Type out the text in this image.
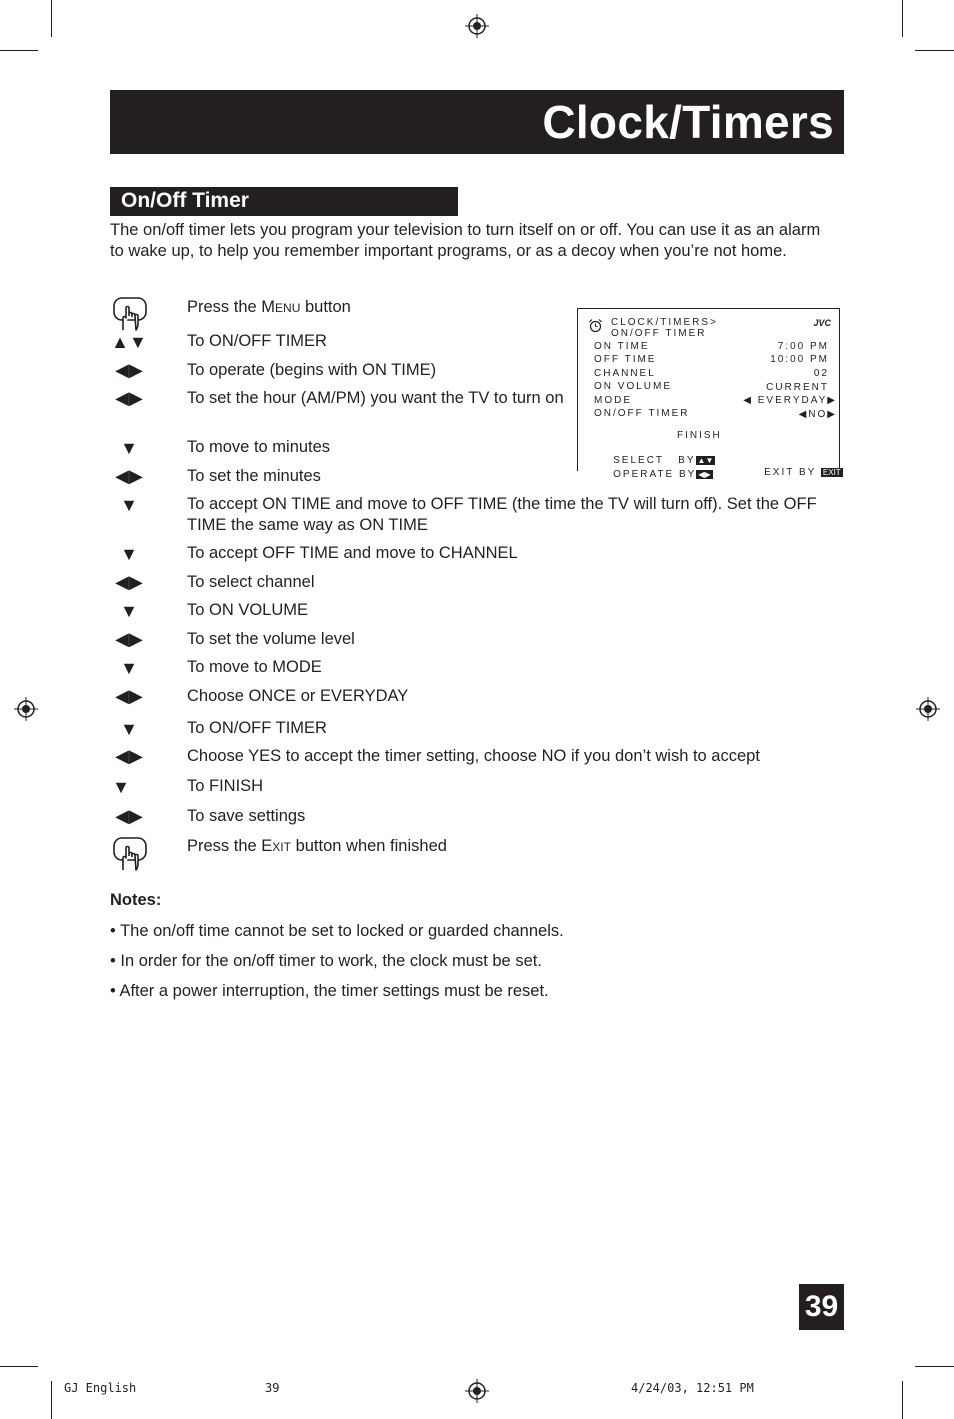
Clock/Timers
On/Off Timer
The on/off timer lets you program your television to turn itself on or off. You can use it as an alarm to wake up, to help you remember important programs, or as a decoy when you’re not home.
Press the Menu button
▲▼ To ON/OFF TIMER
◀▶	To operate (begins with ON TIME)
◀▶	To set the hour (AM/PM) you want the TV to turn on
▼	To move to minutes
◀▶	To set the minutes
▼	To accept ON TIME and move to OFF TIME (the time the TV will turn off). Set the OFF TIME the same way as ON TIME
▼	To accept OFF TIME and move to CHANNEL
◀▶	To select channel
▼	To ON VOLUME
◀▶	To set the volume level
▼	To move to MODE
◀▶	Choose ONCE or EVERYDAY
▼	To ON/OFF TIMER
◀▶	Choose YES to accept the timer setting, choose NO if you don’t wish to accept
▼	To FINISH
◀▶	To save settings
Press the Exit button when finished
CLOCK/TIMERS>	JVC
ON/OFF TIMER
ON TIME	7:00 PM
OFF TIME	10:00 PM
CHANNEL	02
ON VOLUME	CURRENT
MODE	◀ EVERYDAY▶
ON/OFF TIMER	◀NO▶
FINISH

SELECT   BY ▲▼

OPERATE BY ◀▶
	EXIT BY EXIT

Notes:
• The on/off time cannot be set to locked or guarded channels.
• In order for the on/off timer to work, the clock must be set.
• After a power interruption, the timer settings must be reset.
39
GJ English	39	4/24/03, 12:51 PM
